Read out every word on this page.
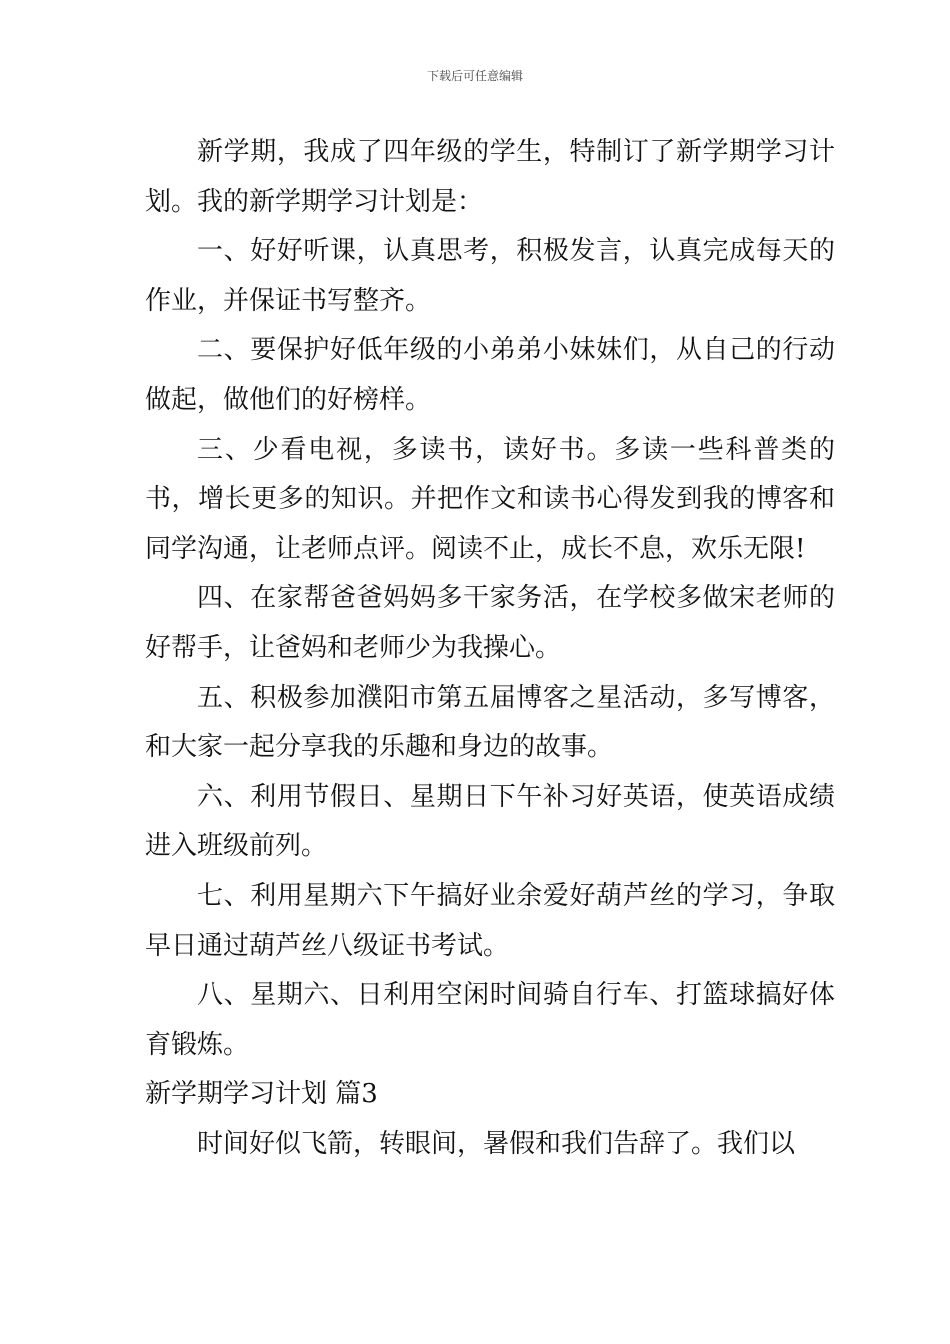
下载后可任意编辑

新学期，我成了四年级的学生，特制订了新学期学习计划。我的新学期学习计划是：

一、好好听课，认真思考，积极发言，认真完成每天的作业，并保证书写整齐。

二、要保护好低年级的小弟弟小妹妹们，从自己的行动做起，做他们的好榜样。

三、少看电视，多读书，读好书。多读一些科普类的书，增长更多的知识。并把作文和读书心得发到我的博客和同学沟通，让老师点评。阅读不止，成长不息，欢乐无限!

四、在家帮爸爸妈妈多干家务活，在学校多做宋老师的好帮手，让爸妈和老师少为我操心。

五、积极参加濮阳市第五届博客之星活动，多写博客，和大家一起分享我的乐趣和身边的故事。

六、利用节假日、星期日下午补习好英语，使英语成绩进入班级前列。

七、利用星期六下午搞好业余爱好葫芦丝的学习，争取早日通过葫芦丝八级证书考试。

八、星期六、日利用空闲时间骑自行车、打篮球搞好体育锻炼。

新学期学习计划 篇3

时间好似飞箭，转眼间，暑假和我们告辞了。我们以
